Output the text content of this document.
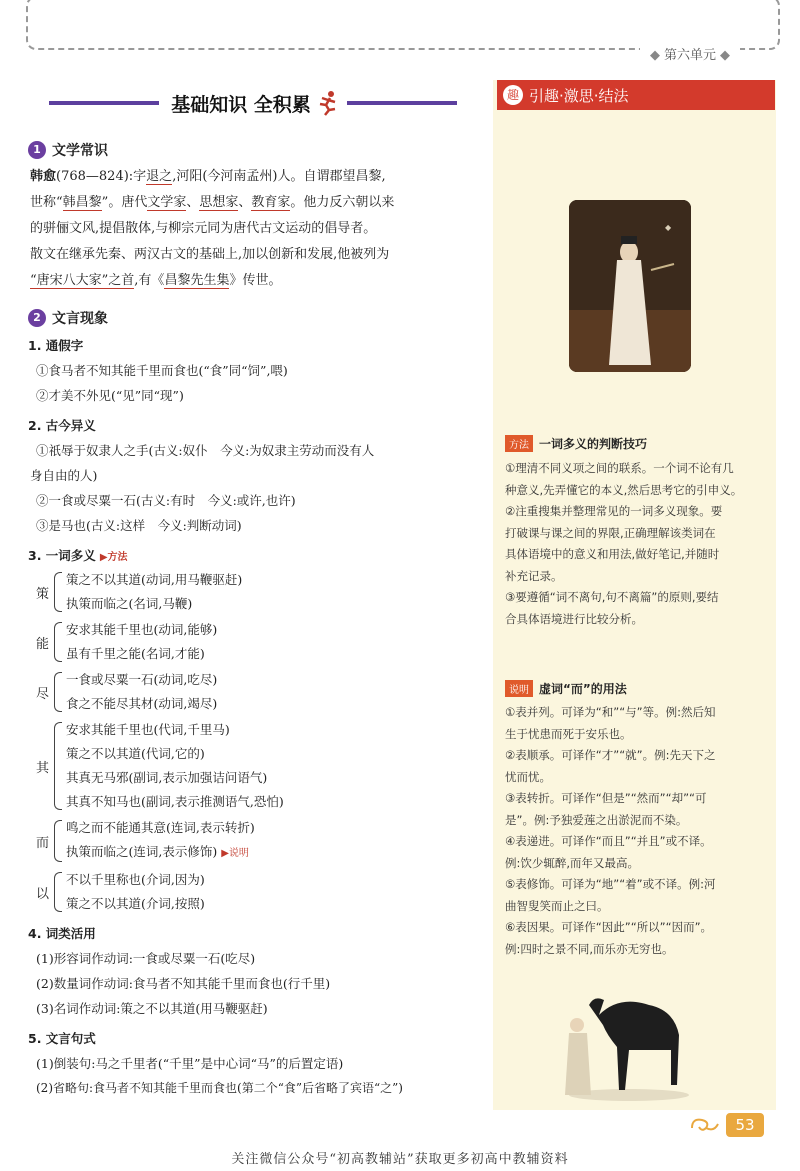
◆ 第六单元 ◆
基础知识 全积累
1 文学常识
韩愈(768—824):字退之,河阳(今河南孟州)人。自谓郡望昌黎,
世称“韩昌黎”。唐代文学家、思想家、教育家。他力反六朝以来
的骈俪文风,提倡散体,与柳宗元同为唐代古文运动的倡导者。
散文在继承先秦、两汉古文的基础上,加以创新和发展,他被列为
“唐宋八大家”之首,有《昌黎先生集》传世。
2 文言现象
1. 通假字
①食马者不知其能千里而食也(“食”同“饲”,喂)
②才美不外见(“见”同“现”)
2. 古今异义
①祇辱于奴隶人之手(古义:奴仆　今义:为奴隶主劳动而没有人
身自由的人)
②一食或尽粟一石(古义:有时　今义:或许,也许)
③是马也(古义:这样　今义:判断动词)
3. 一词多义 ▶方法
策
策之不以其道(动词,用马鞭驱赶)
执策而临之(名词,马鞭)
能
安求其能千里也(动词,能够)
虽有千里之能(名词,才能)
尽
一食或尽粟一石(动词,吃尽)
食之不能尽其材(动词,竭尽)
其
安求其能千里也(代词,千里马)
策之不以其道(代词,它的)
其真无马邪(副词,表示加强诘问语气)
其真不知马也(副词,表示推测语气,恐怕)
而
鸣之而不能通其意(连词,表示转折)
执策而临之(连词,表示修饰) ▶说明
以
不以千里称也(介词,因为)
策之不以其道(介词,按照)
4. 词类活用
(1)形容词作动词:一食或尽粟一石(吃尽)
(2)数量词作动词:食马者不知其能千里而食也(行千里)
(3)名词作动词:策之不以其道(用马鞭驱赶)
5. 文言句式
(1)倒装句:马之千里者(“千里”是中心词“马”的后置定语)
(2)省略句:食马者不知其能千里而食也(第二个“食”后省略了宾语“之”)
趣 引趣·激思·结法
◆
方法 一词多义的判断技巧
①理清不同义项之间的联系。一个词不论有几
种意义,先弄懂它的本义,然后思考它的引申义。
②注重搜集并整理常见的一词多义现象。要
打破课与课之间的界限,正确理解该类词在
具体语境中的意义和用法,做好笔记,并随时
补充记录。
③要遵循“词不离句,句不离篇”的原则,要结
合具体语境进行比较分析。
说明 虚词“而”的用法
①表并列。可译为“和”“与”等。例:然后知
生于忧患而死于安乐也。
②表顺承。可译作“才”“就”。例:先天下之
忧而忧。
③表转折。可译作“但是”“然而”“却”“可
是”。例:予独爱莲之出淤泥而不染。
④表递进。可译作“而且”“并且”或不译。
例:饮少辄醉,而年又最高。
⑤表修饰。可译为“地”“着”或不译。例:河
曲智叟笑而止之曰。
⑥表因果。可译作“因此”“所以”“因而”。
例:四时之景不同,而乐亦无穷也。
53
关注微信公众号“初高教辅站”获取更多初高中教辅资料
